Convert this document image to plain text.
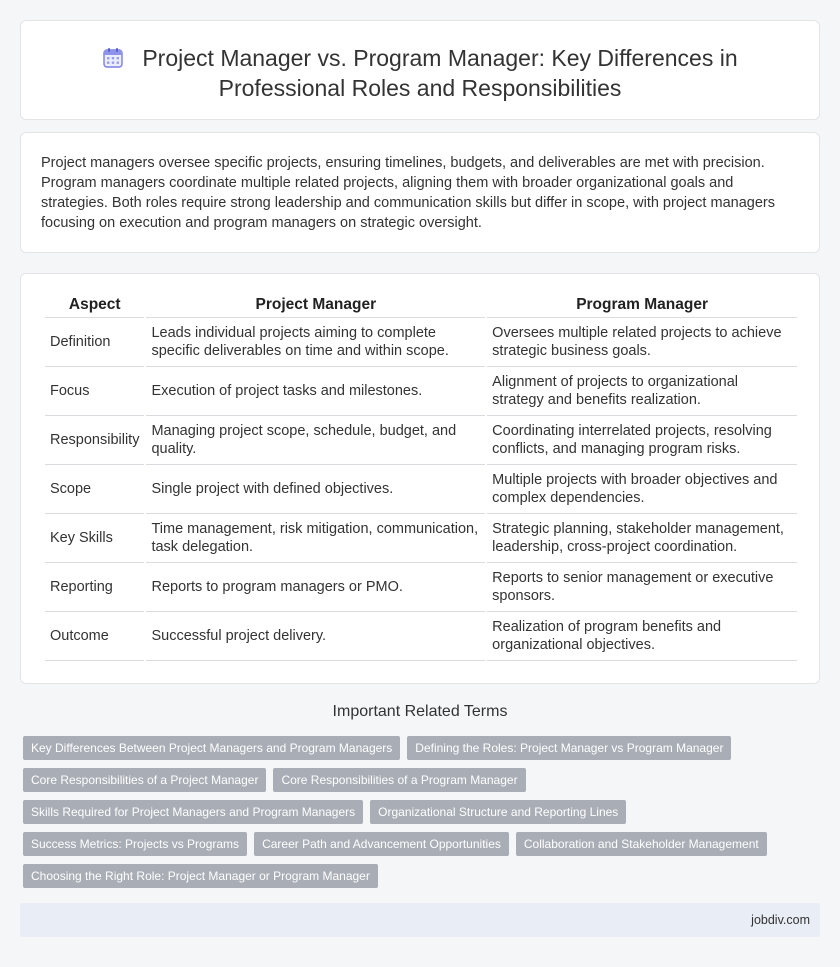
Project Manager vs. Program Manager: Key Differences in Professional Roles and Responsibilities

Project managers oversee specific projects, ensuring timelines, budgets, and deliverables are met with precision. Program managers coordinate multiple related projects, aligning them with broader organizational goals and strategies. Both roles require strong leadership and communication skills but differ in scope, with project managers focusing on execution and program managers on strategic oversight.

Aspect	Project Manager	Program Manager
Definition	Leads individual projects aiming to complete specific deliverables on time and within scope.	Oversees multiple related projects to achieve strategic business goals.
Focus	Execution of project tasks and milestones.	Alignment of projects to organizational strategy and benefits realization.
Responsibility	Managing project scope, schedule, budget, and quality.	Coordinating interrelated projects, resolving conflicts, and managing program risks.
Scope	Single project with defined objectives.	Multiple projects with broader objectives and complex dependencies.
Key Skills	Time management, risk mitigation, communication, task delegation.	Strategic planning, stakeholder management, leadership, cross-project coordination.
Reporting	Reports to program managers or PMO.	Reports to senior management or executive sponsors.
Outcome	Successful project delivery.	Realization of program benefits and organizational objectives.
Important Related Terms
Key Differences Between Project Managers and Program Managers	Defining the Roles: Project Manager vs Program Manager
Core Responsibilities of a Project Manager	Core Responsibilities of a Program Manager
Skills Required for Project Managers and Program Managers	Organizational Structure and Reporting Lines
Success Metrics: Projects vs Programs	Career Path and Advancement Opportunities	Collaboration and Stakeholder Management
Choosing the Right Role: Project Manager or Program Manager
jobdiv.com
